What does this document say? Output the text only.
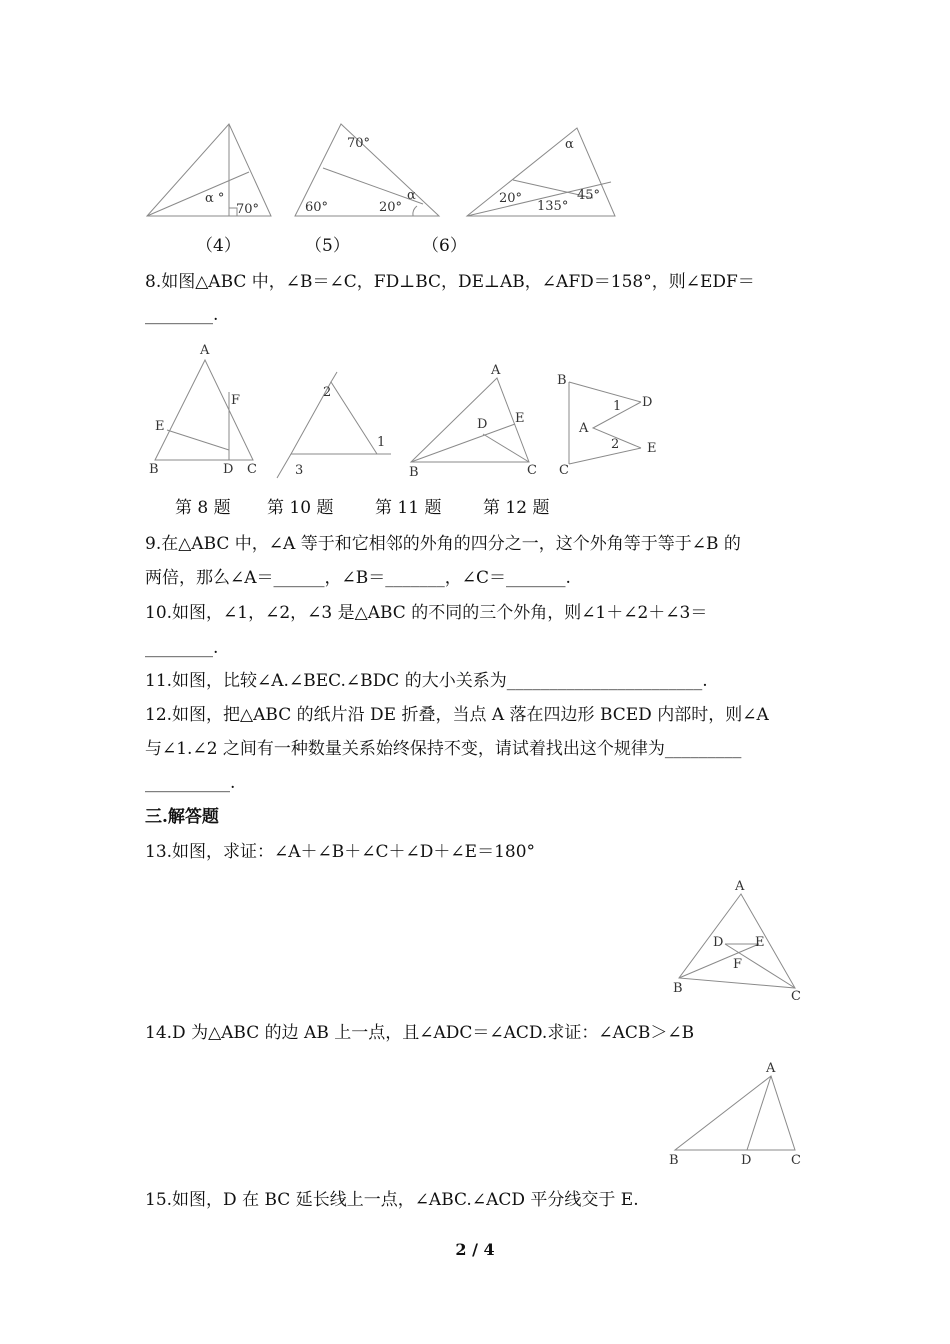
α °
70°
70°
60°	20°
α
α
20°
135°
45°
（4）	（5）	（6）
8.如图△ABC 中，∠B＝∠C，FD⊥BC，DE⊥AB，∠AFD＝158°，则∠EDF＝
________.
A
E
F
B	D C
2
1
3
A
D E
B	C
B
A
C
D
E
1
2
第 8 题 第 10 题 第 11 题 第 12 题
9.在△ABC 中，∠A 等于和它相邻的外角的四分之一，这个外角等于等于∠B 的
两倍，那么∠A＝______，∠B＝_______，∠C＝_______.
10.如图，∠1，∠2，∠3 是△ABC 的不同的三个外角，则∠1＋∠2＋∠3＝
________.
11.如图，比较∠A.∠BEC.∠BDC 的大小关系为_______________________.
12.如图，把△ABC 的纸片沿 DE 折叠，当点 A 落在四边形 BCED 内部时，则∠A
与∠1.∠2 之间有一种数量关系始终保持不变，请试着找出这个规律为_________
__________.
三.解答题
13.如图，求证：∠A＋∠B＋∠C＋∠D＋∠E＝180°
A
D E
F
B
C
14.D 为△ABC 的边 AB 上一点，且∠ADC＝∠ACD.求证：∠ACB＞∠B
A
B	D	C
15.如图，D 在 BC 延长线上一点，∠ABC.∠ACD 平分线交于 E.
2 / 4
